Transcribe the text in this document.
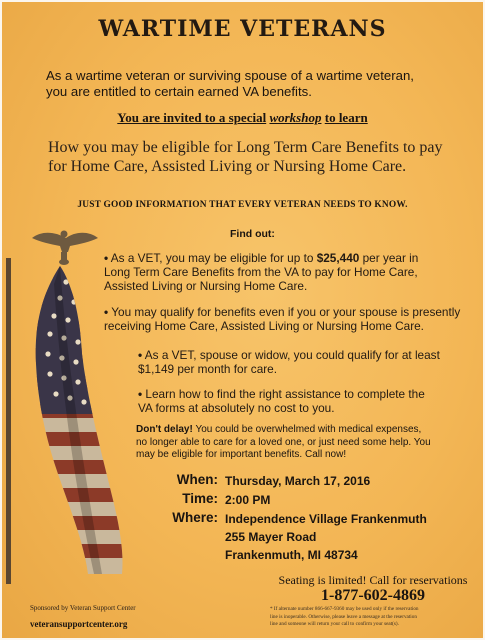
WARTIME VETERANS
As a wartime veteran or surviving spouse of a wartime veteran,
you are entitled to certain earned VA benefits.
You are invited to a special workshop to learn
How you may be eligible for Long Term Care Benefits to pay
for Home Care, Assisted Living or Nursing Home Care.
JUST GOOD INFORMATION THAT EVERY VETERAN NEEDS TO KNOW.
Find out:
• As a VET, you may be eligible for up to $25,440 per year in
Long Term Care Benefits from the VA to pay for Home Care,
Assisted Living or Nursing Home Care.
• You may qualify for benefits even if you or your spouse is presently
receiving Home Care, Assisted Living or Nursing Home Care.
• As a VET, spouse or widow, you could qualify for at least
$1,149 per month for care.
• Learn how to find the right assistance to complete the
VA forms at absolutely no cost to you.
Don't delay! You could be overwhelmed with medical expenses,
no longer able to care for a loved one, or just need some help. You
may be eligible for important benefits. Call now!
When: Thursday, March 17, 2016
Time: 2:00 PM
Where: Independence Village Frankenmuth
255 Mayer Road
Frankenmuth, MI 48734
Seating is limited! Call for reservations
1-877-602-4869
* If alternate number 866-667-9360 may be used only if the reservation
line is inoperable. Otherwise, please leave a message at the reservation
line and someone will return your call to confirm your seat(s).
Sponsored by Veteran Support Center
veteransupportcenter.org
